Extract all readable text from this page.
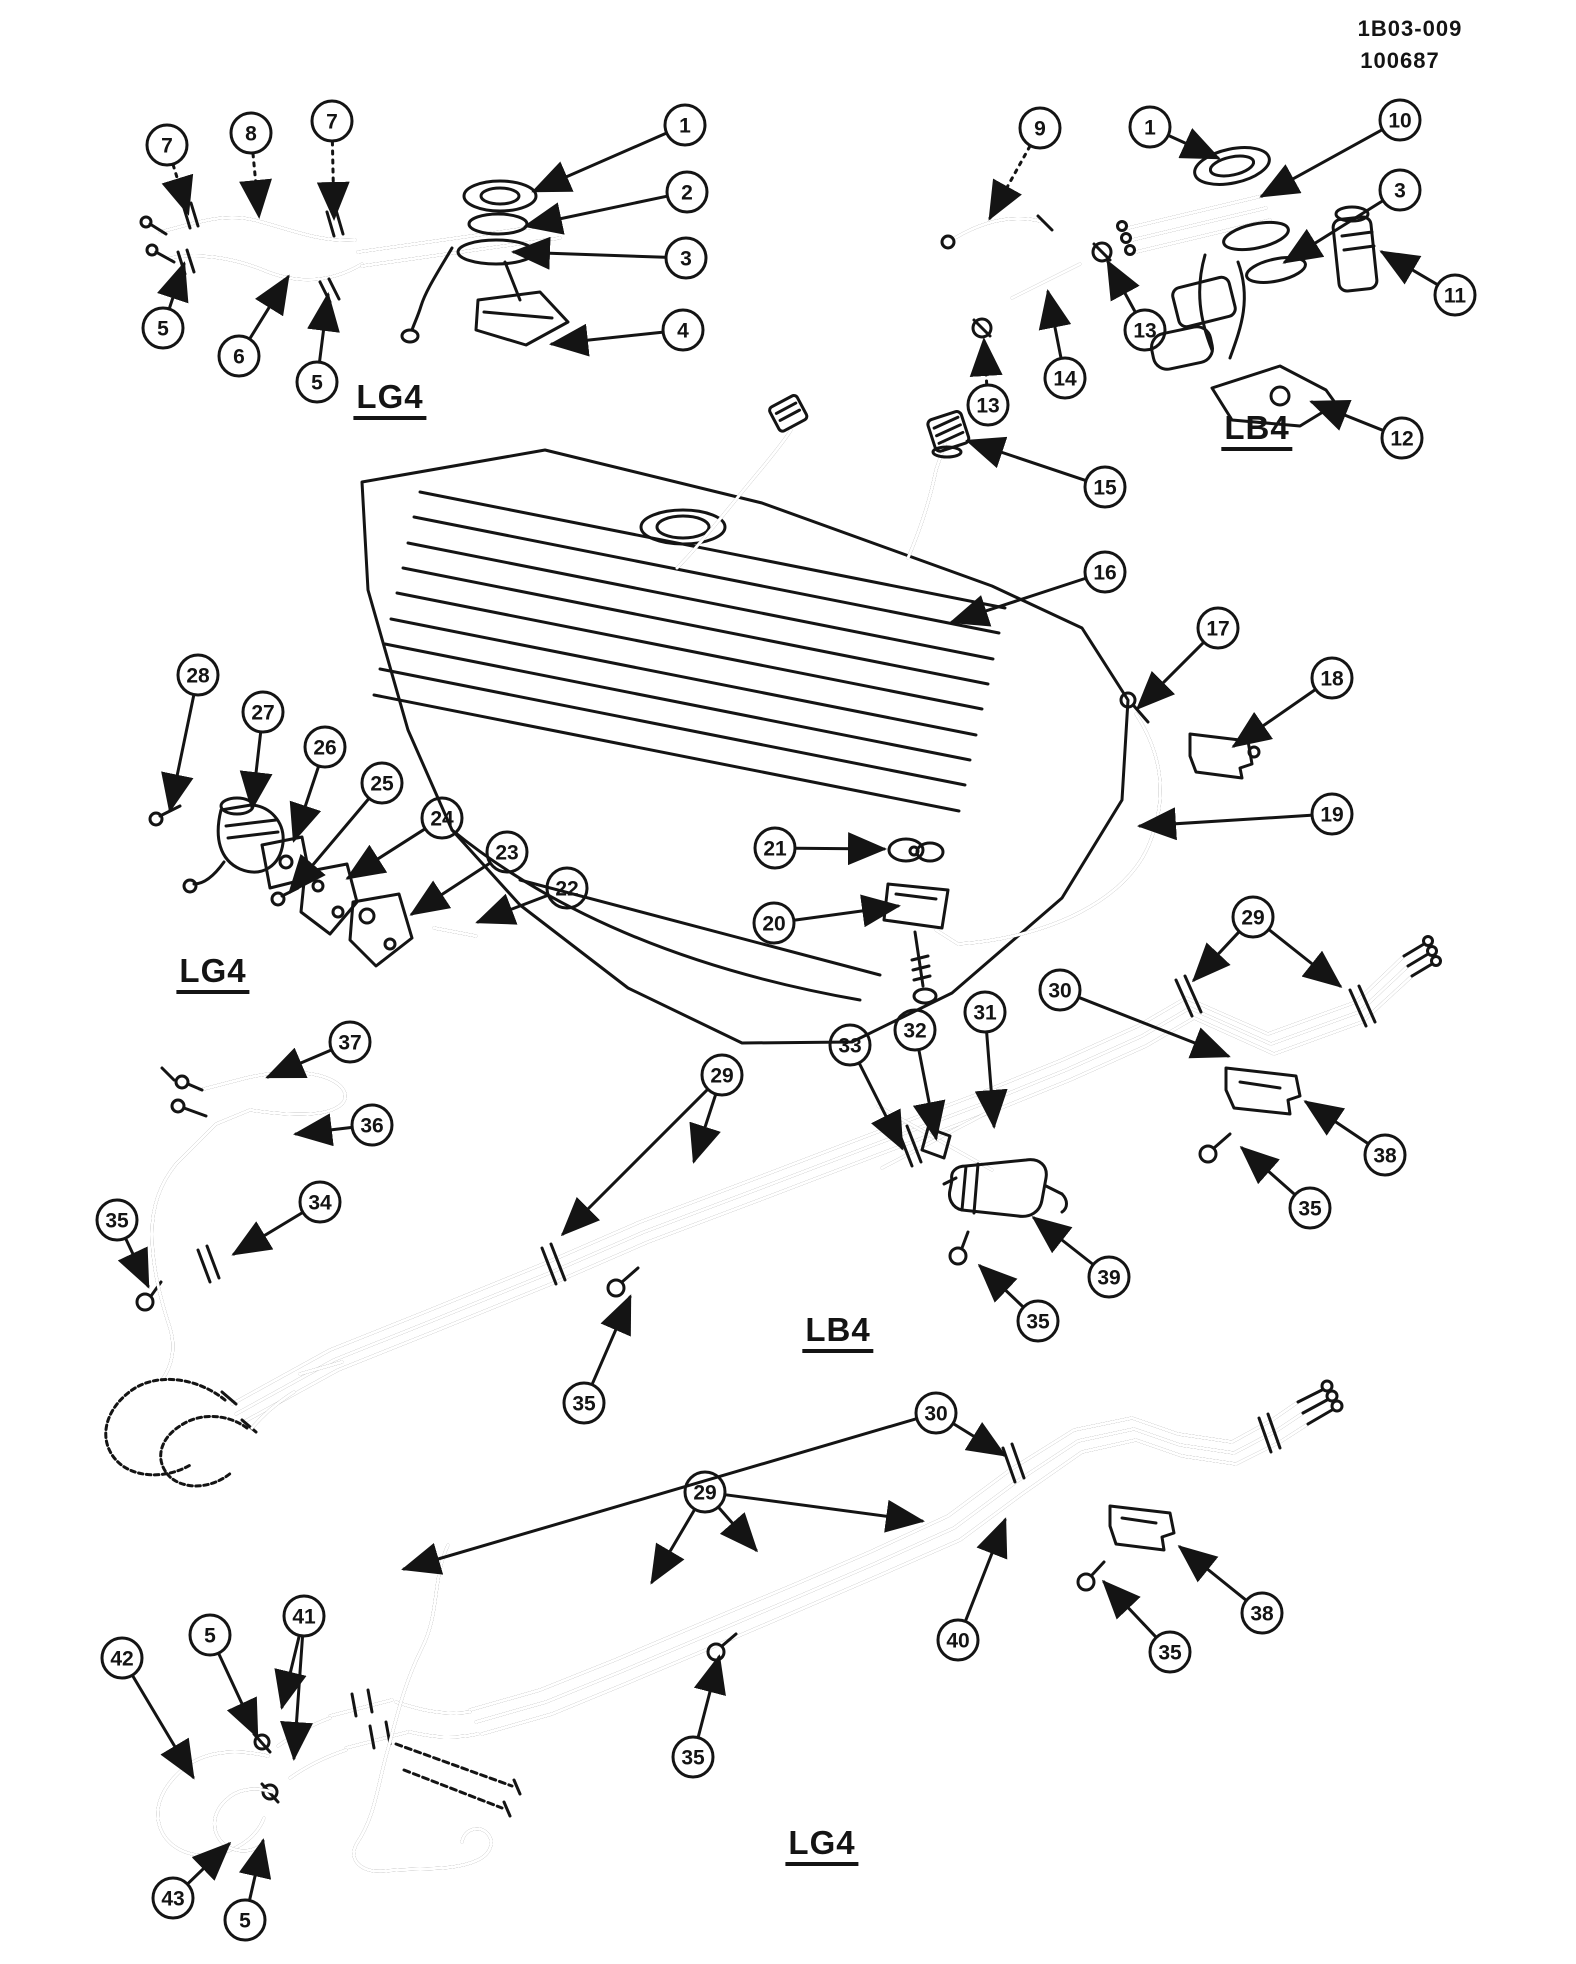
7
8
7	1
2
3
4
5
6
5
9	1	10
3
11
13
14
13
12
15
16
17
18
19
21
20
28
27
26
25
24
23
22
37
36
34
35
29
33
32
31
30
29
38
35
39
35
35
29
30
40
38
35
35
42
5
41
43
5
1B03-009
100687
LG4
LB4
LG4
LB4
LG4
